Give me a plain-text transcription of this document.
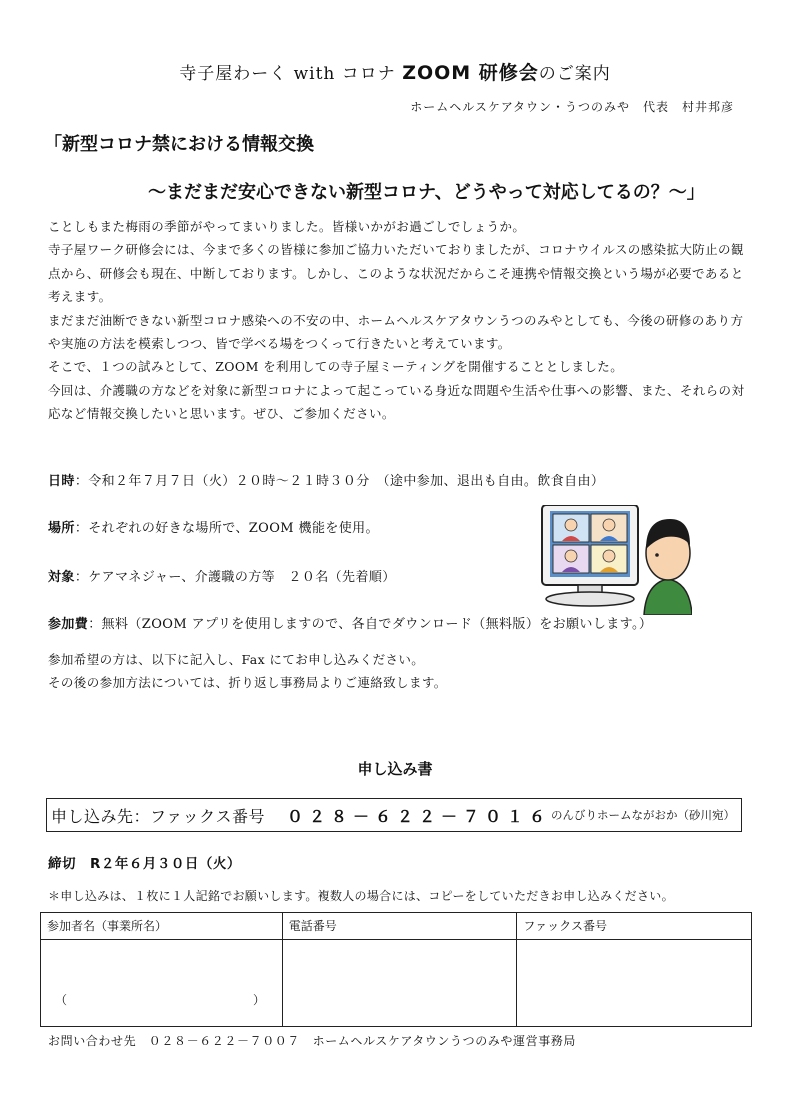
寺子屋わーく with コロナ ZOOM 研修会のご案内
ホームヘルスケアタウン・うつのみや　代表　村井邦彦
「新型コロナ禁における情報交換
～まだまだ安心できない新型コロナ、どうやって対応してるの？～」

ことしもまた梅雨の季節がやってまいりました。皆様いかがお過ごしでしょうか。

寺子屋ワーク研修会には、今まで多くの皆様に参加ご協力いただいておりましたが、コロナウイルスの感染拡大防止の観点から、研修会も現在、中断しております。しかし、このような状況だからこそ連携や情報交換という場が必要であると考えます。

まだまだ油断できない新型コロナ感染への不安の中、ホームヘルスケアタウンうつのみやとしても、今後の研修のあり方や実施の方法を模索しつつ、皆で学べる場をつくって行きたいと考えています。

そこで、１つの試みとして、ZOOM を利用しての寺子屋ミーティングを開催することとしました。

今回は、介護職の方などを対象に新型コロナによって起こっている身近な問題や生活や仕事への影響、また、それらの対応など情報交換したいと思います。ぜひ、ご参加ください。

日時：令和２年７月７日（火）２０時～２１時３０分　（途中参加、退出も自由。飲食自由）
場所：それぞれの好きな場所で、ZOOM 機能を使用。
対象：ケアマネジャー、介護職の方等　２０名（先着順）
参加費：無料（ZOOM アプリを使用しますので、各自でダウンロード（無料版）をお願いします。）

参加希望の方は、以下に記入し、Fax にてお申し込みください。

その後の参加方法については、折り返し事務局よりご連絡致します。

申し込み書
申し込み先：ファックス番号 ０２８－６２２－７０１６ のんびりホームながおか（砂川宛）
締切　R２年６月３０日（火）
＊申し込みは、１枚に１人記銘でお願いします。複数人の場合には、コピーをしていただきお申し込みください。
参加者名（事業所名）	電話番号	ファックス番号

（ ）		

お問い合わせ先　０２８－６２２－７００７　ホームヘルスケアタウンうつのみや運営事務局
